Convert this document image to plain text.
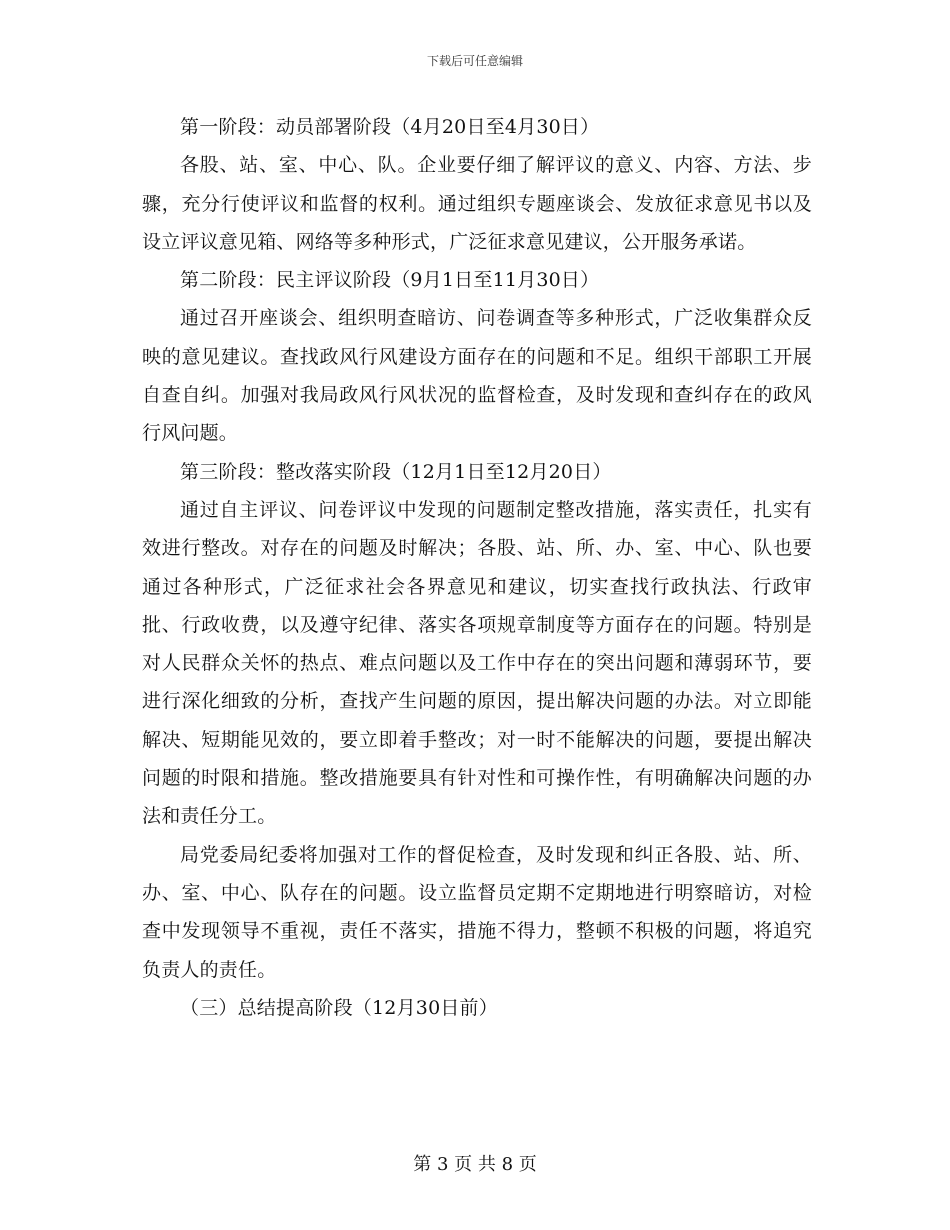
下载后可任意编辑

第一阶段：动员部署阶段（4月20日至4月30日）

各股、站、室、中心、队。企业要仔细了解评议的意义、内容、方法、步骤，充分行使评议和监督的权利。通过组织专题座谈会、发放征求意见书以及设立评议意见箱、网络等多种形式，广泛征求意见建议，公开服务承诺。

第二阶段：民主评议阶段（9月1日至11月30日）

通过召开座谈会、组织明查暗访、问卷调查等多种形式，广泛收集群众反映的意见建议。查找政风行风建设方面存在的问题和不足。组织干部职工开展自查自纠。加强对我局政风行风状况的监督检查，及时发现和查纠存在的政风行风问题。

第三阶段：整改落实阶段（12月1日至12月20日）

通过自主评议、问卷评议中发现的问题制定整改措施，落实责任，扎实有效进行整改。对存在的问题及时解决；各股、站、所、办、室、中心、队也要通过各种形式，广泛征求社会各界意见和建议，切实查找行政执法、行政审批、行政收费，以及遵守纪律、落实各项规章制度等方面存在的问题。特别是对人民群众关怀的热点、难点问题以及工作中存在的突出问题和薄弱环节，要进行深化细致的分析，查找产生问题的原因，提出解决问题的办法。对立即能解决、短期能见效的，要立即着手整改；对一时不能解决的问题，要提出解决问题的时限和措施。整改措施要具有针对性和可操作性，有明确解决问题的办法和责任分工。

局党委局纪委将加强对工作的督促检查，及时发现和纠正各股、站、所、办、室、中心、队存在的问题。设立监督员定期不定期地进行明察暗访，对检查中发现领导不重视，责任不落实，措施不得力，整顿不积极的问题，将追究负责人的责任。

（三）总结提高阶段（12月30日前）

第 3 页 共 8 页
